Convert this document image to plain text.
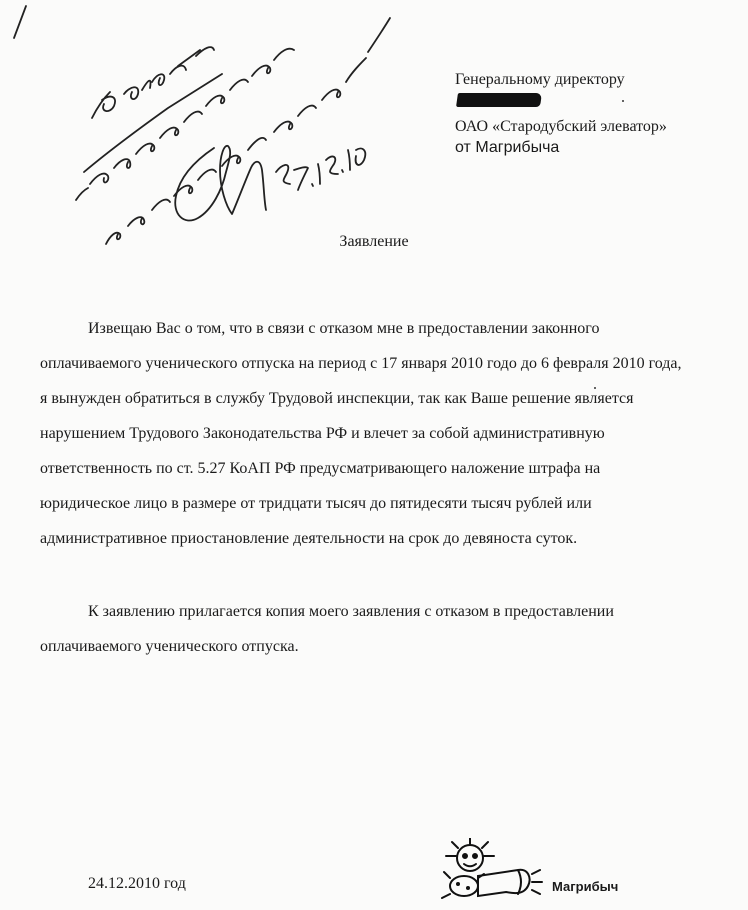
Генеральному директору
ОАО «Стародубский элеватор»
от Магрибыча
Заявление

Извещаю Вас о том, что в связи с отказом мне в предоставлении законного

оплачиваемого ученического отпуска на период с 17 января 2010 годо до 6 февраля 2010 года,

я вынужден обратиться в службу Трудовой инспекции, так как Ваше решение является

нарушением Трудового Законодательства РФ и влечет за собой административную

ответственность по ст. 5.27 КоАП РФ предусматривающего наложение штрафа на

юридическое лицо в размере от тридцати тысяч до пятидесяти тысяч рублей или

административное приостановление деятельности на срок до девяноста суток.

К заявлению прилагается копия моего заявления с отказом в предоставлении

оплачиваемого ученического отпуска.

24.12.2010 год	Магрибыч
